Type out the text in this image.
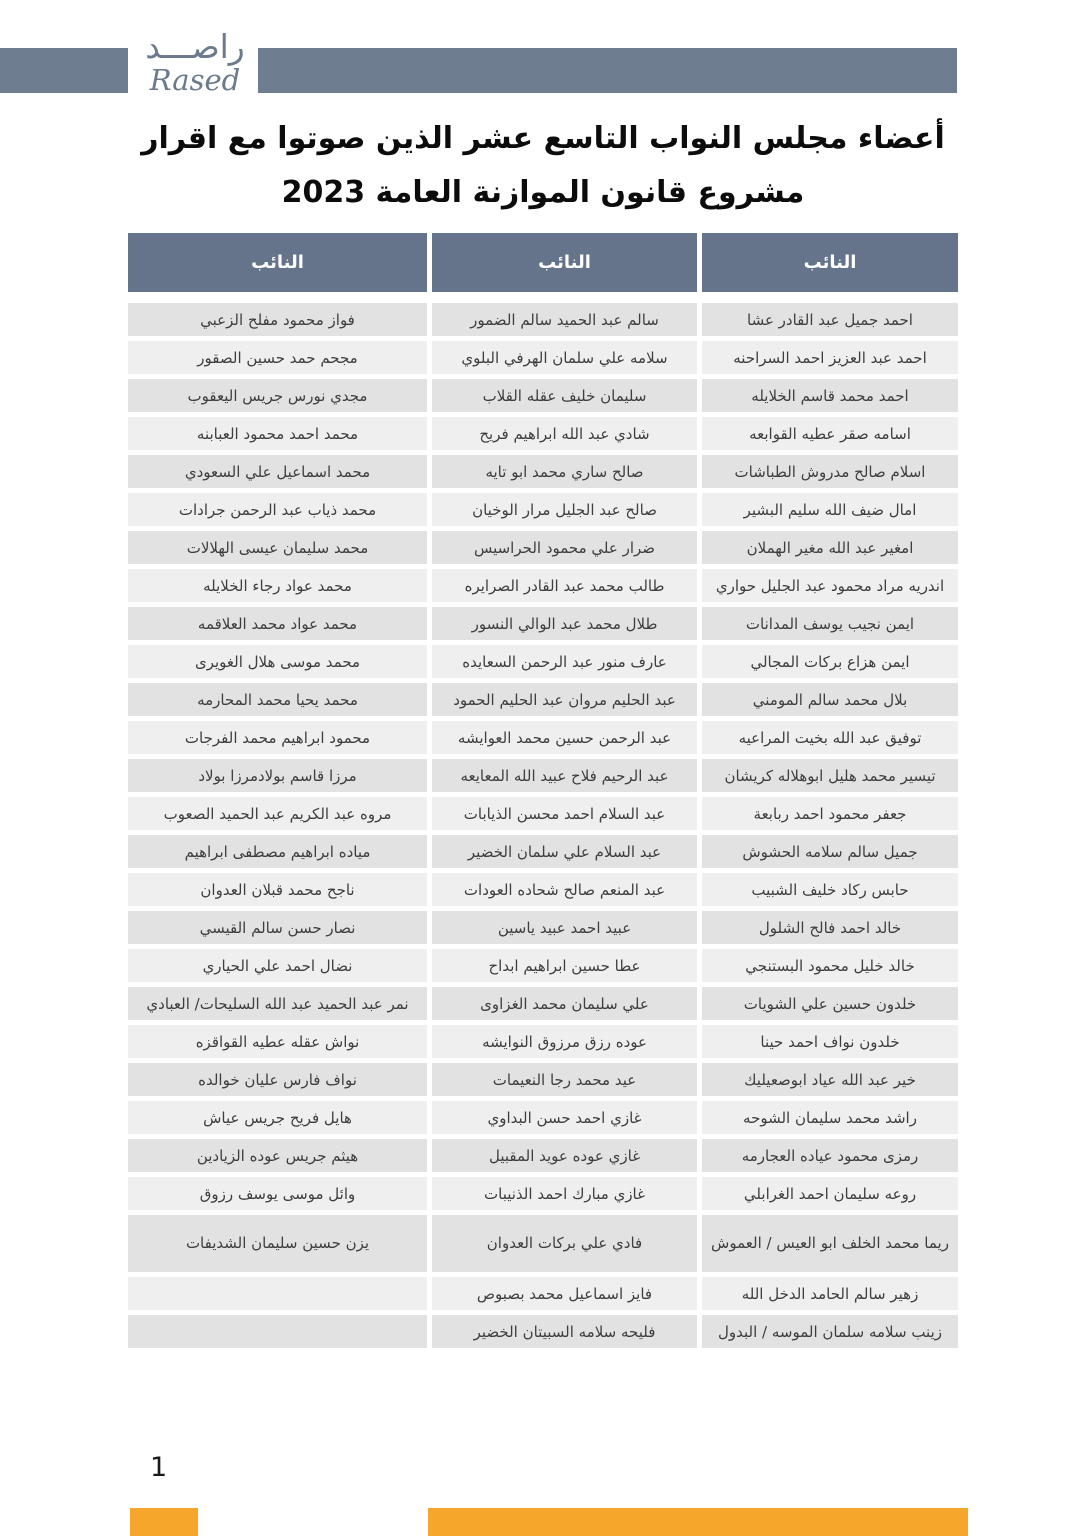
راصـــد
Rased
أعضاء مجلس النواب التاسع عشر الذين صوتوا مع اقرار
مشروع قانون الموازنة العامة 2023
النائب
النائب
النائب
احمد جميل عبد القادر عشا
سالم عبد الحميد سالم الضمور
فواز محمود مفلح الزعبي
احمد عبد العزيز احمد السراحنه
سلامه علي سلمان الهرفي البلوي
مجحم حمد حسين الصقور
احمد محمد قاسم الخلايله
سليمان خليف عقله القلاب
مجدي نورس جريس اليعقوب
اسامه صقر عطيه القوابعه
شادي عبد الله ابراهيم فريح
محمد احمد محمود العبابنه
اسلام صالح مدروش الطباشات
صالح ساري محمد ابو تايه
محمد اسماعيل علي السعودي
امال ضيف الله سليم البشير
صالح عبد الجليل مرار الوخيان
محمد ذياب عبد الرحمن جرادات
امغير عبد الله مغير الهملان
ضرار علي محمود الحراسيس
محمد سليمان عيسى الهلالات
اندريه مراد محمود عبد الجليل حواري
طالب محمد عبد القادر الصرايره
محمد عواد رجاء الخلايله
ايمن نجيب يوسف المدانات
طلال محمد عبد الوالي النسور
محمد عواد محمد العلاقمه
ايمن هزاع بركات المجالي
عارف منور عبد الرحمن السعايده
محمد موسى هلال الغويرى
بلال محمد سالم المومني
عبد الحليم مروان عبد الحليم الحمود
محمد يحيا محمد المحارمه
توفيق عبد الله بخيت المراعيه
عبد الرحمن حسين محمد العوايشه
محمود ابراهيم محمد الفرجات
تيسير محمد هليل ابوهلاله كريشان
عبد الرحيم فلاح عبيد الله المعايعه
مرزا قاسم بولادمرزا بولاد
جعفر محمود احمد ربابعة
عبد السلام احمد محسن الذيابات
مروه عبد الكريم عبد الحميد الصعوب
جميل سالم سلامه الحشوش
عبد السلام علي سلمان الخضير
مياده ابراهيم مصطفى ابراهيم
حابس ركاد خليف الشبيب
عبد المنعم صالح شحاده العودات
ناجح محمد قبلان العدوان
خالد احمد فالح الشلول
عبيد احمد عبيد ياسين
نصار حسن سالم القيسي
خالد خليل محمود البستنجي
عطا حسين ابراهيم ابداح
نضال احمد علي الحياري
خلدون حسين علي الشويات
علي سليمان محمد الغزاوى
نمر عبد الحميد عبد الله السليحات/ العبادي
خلدون نواف احمد حينا
عوده رزق مرزوق النوايشه
نواش عقله عطيه القواقزه
خير عبد الله عياد ابوصعيليك
عيد محمد رجا النعيمات
نواف فارس عليان خوالده
راشد محمد سليمان الشوحه
غازي احمد حسن البداوي
هايل فريح جريس عياش
رمزى محمود عياده العجارمه
غازي عوده عويد المقبيل
هيثم جريس عوده الزيادين
روعه سليمان احمد الغرابلي
غازي مبارك احمد الذنيبات
وائل موسى يوسف رزوق
ريما محمد الخلف ابو العيس / العموش
فادي علي بركات العدوان
يزن حسين سليمان الشديفات
زهير سالم الحامد الدخل الله
فايز اسماعيل محمد بصبوص
زينب سلامه سلمان الموسه / البدول
فليحه سلامه السبيتان الخضير
1
